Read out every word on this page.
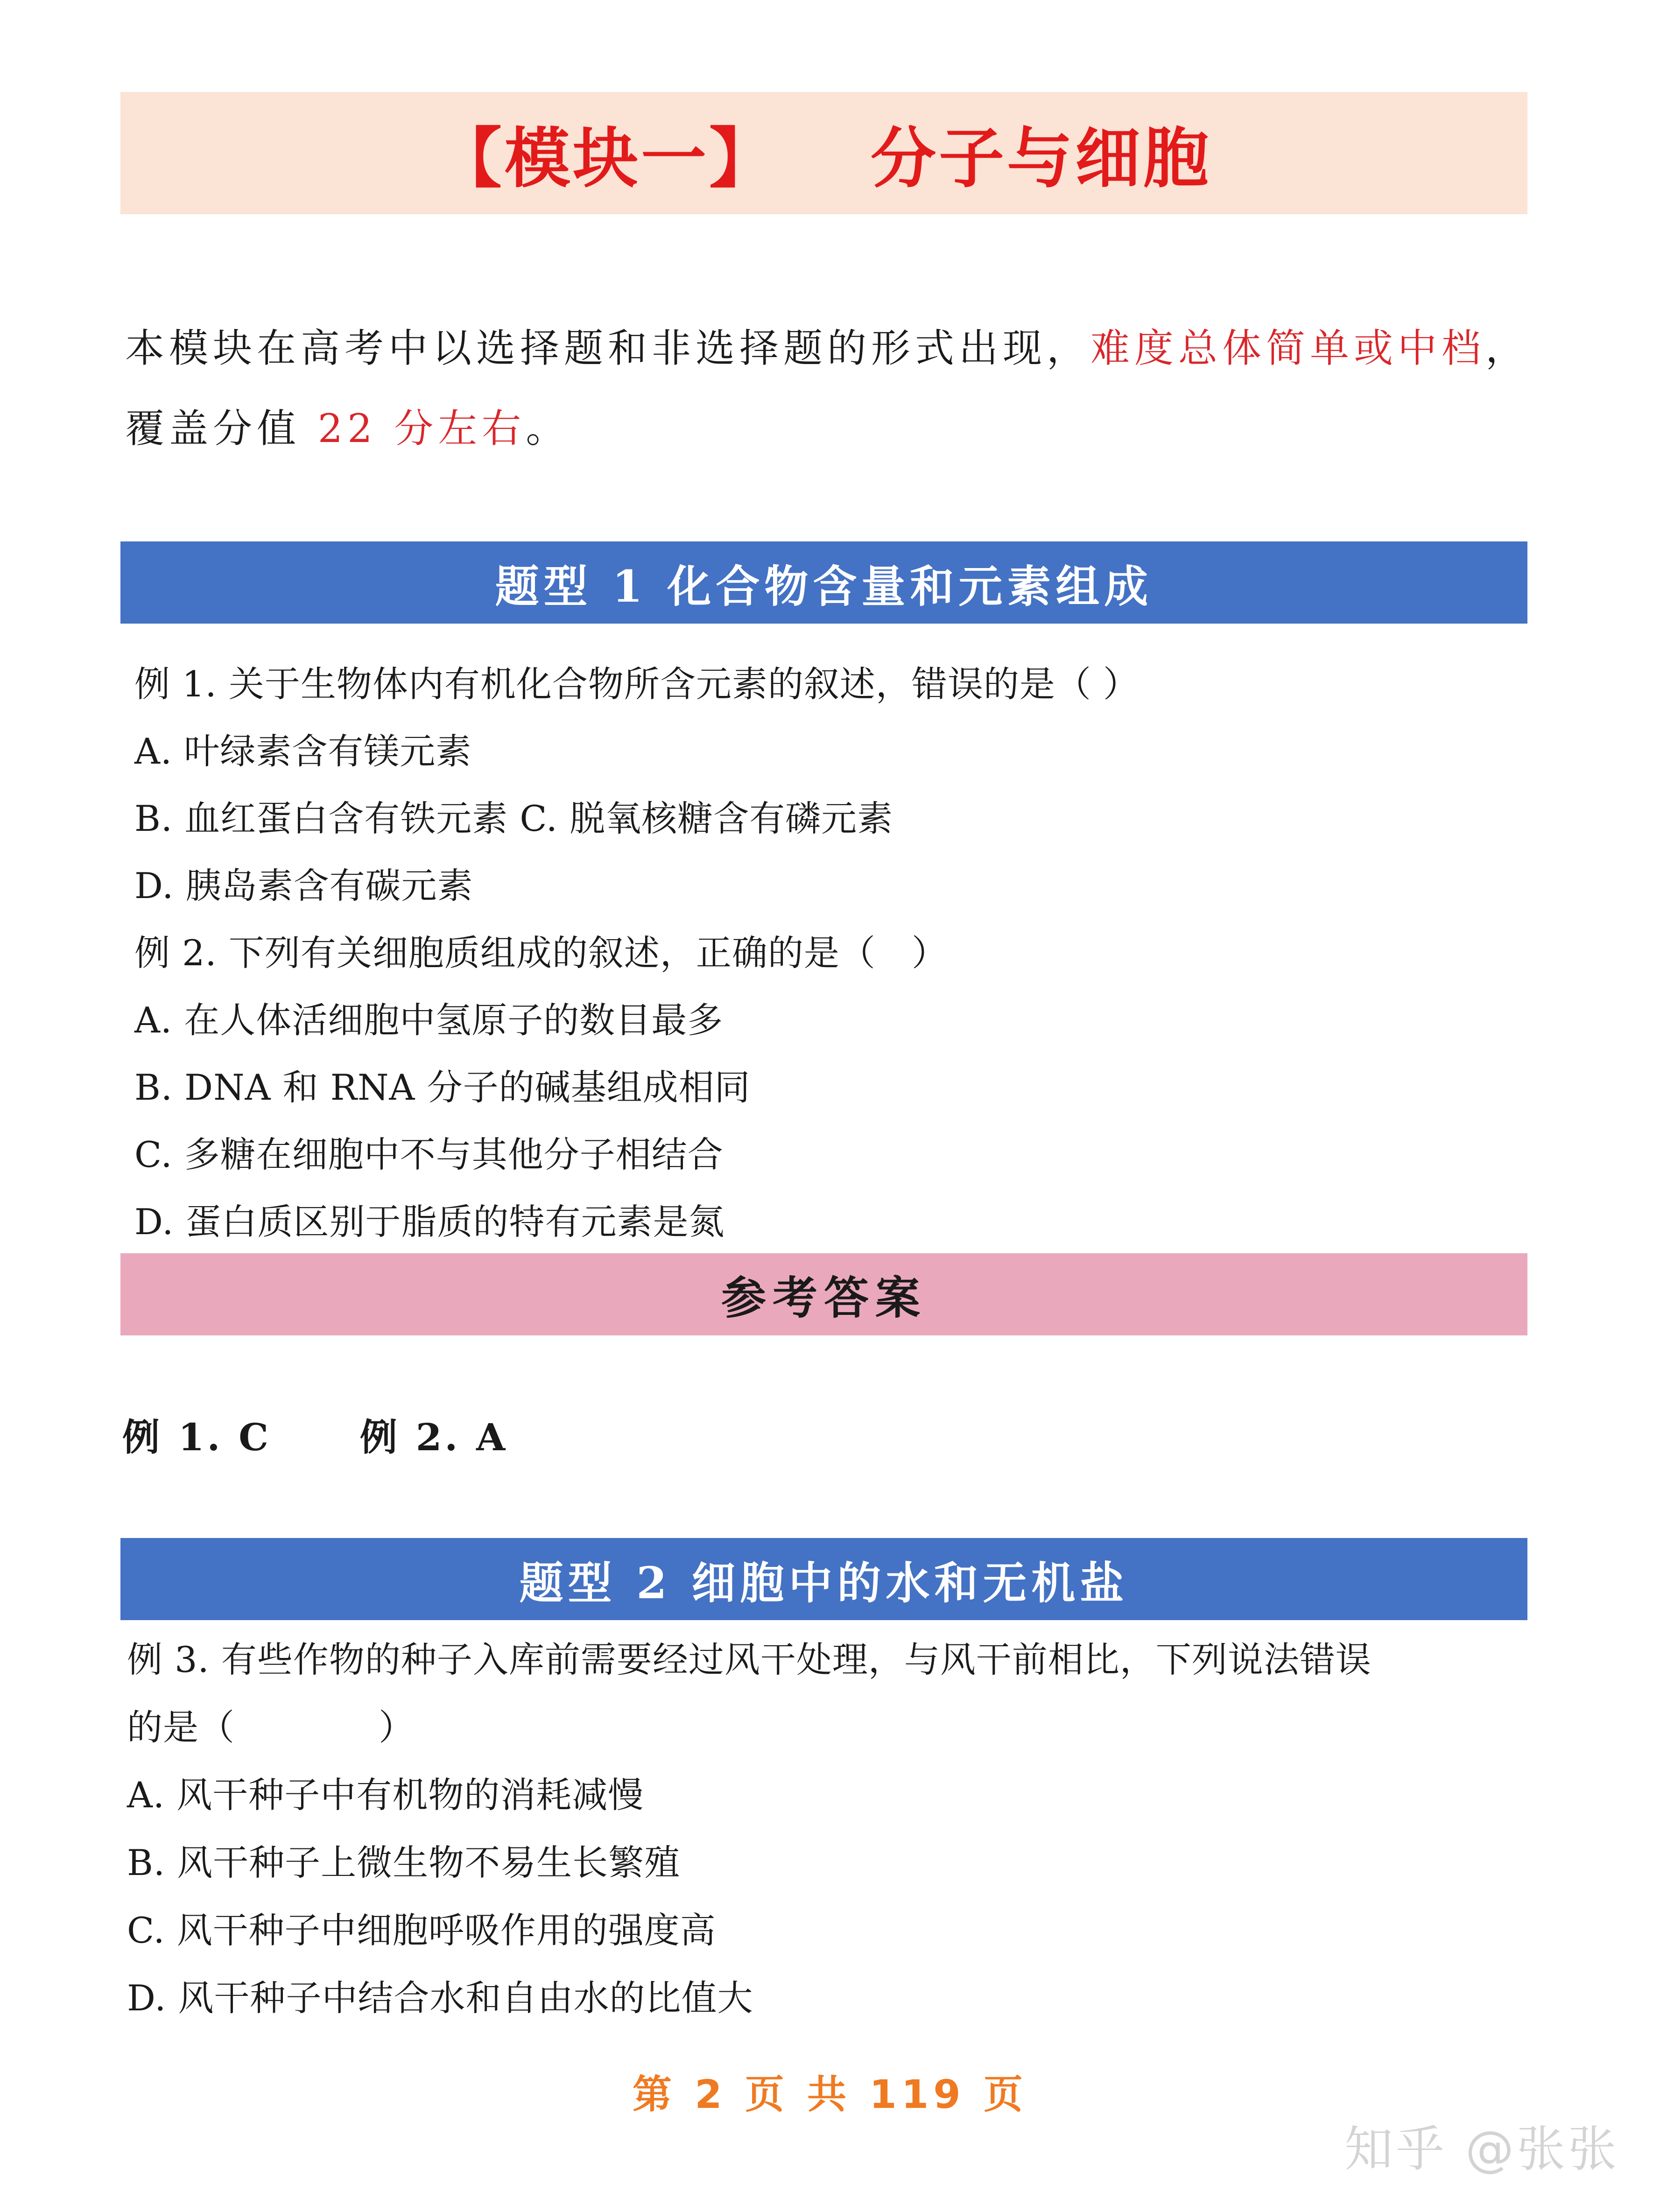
【模块一】 分子与细胞
本模块在高考中以选择题和非选择题的形式出现，难度总体简单或中档，覆盖分值 22 分左右。
题型 1 化合物含量和元素组成
例 1. 关于生物体内有机化合物所含元素的叙述，错误的是（ ）
A. 叶绿素含有镁元素
B. 血红蛋白含有铁元素 C. 脱氧核糖含有磷元素
D. 胰岛素含有碳元素
例 2. 下列有关细胞质组成的叙述，正确的是（　）
A. 在人体活细胞中氢原子的数目最多
B. DNA 和 RNA 分子的碱基组成相同
C. 多糖在细胞中不与其他分子相结合
D. 蛋白质区别于脂质的特有元素是氮
参考答案
例 1. C 例 2. A
题型 2 细胞中的水和无机盐
例 3. 有些作物的种子入库前需要经过风干处理，与风干前相比，下列说法错误
的是（　　　　）
A. 风干种子中有机物的消耗减慢
B. 风干种子上微生物不易生长繁殖
C. 风干种子中细胞呼吸作用的强度高
D. 风干种子中结合水和自由水的比值大
第 2 页 共 119 页
知乎 @张张
